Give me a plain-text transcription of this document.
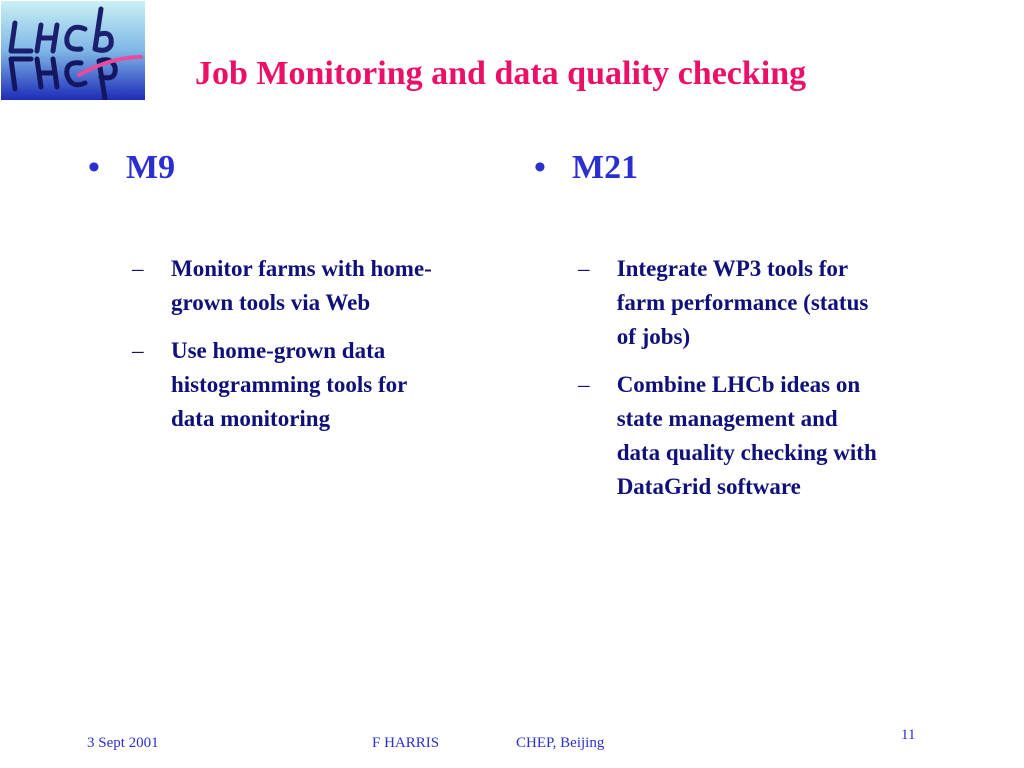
Job Monitoring and data quality checking
• M9
–	Monitor farms with home-
grown tools via Web
–	Use home-grown data
histogramming tools for
data monitoring
• M21
–	Integrate WP3 tools for
farm performance (status
of jobs)
–	Combine LHCb ideas on
state management and
data quality checking with
DataGrid software
3 Sept 2001	F HARRIS	CHEP, Beijing	11
